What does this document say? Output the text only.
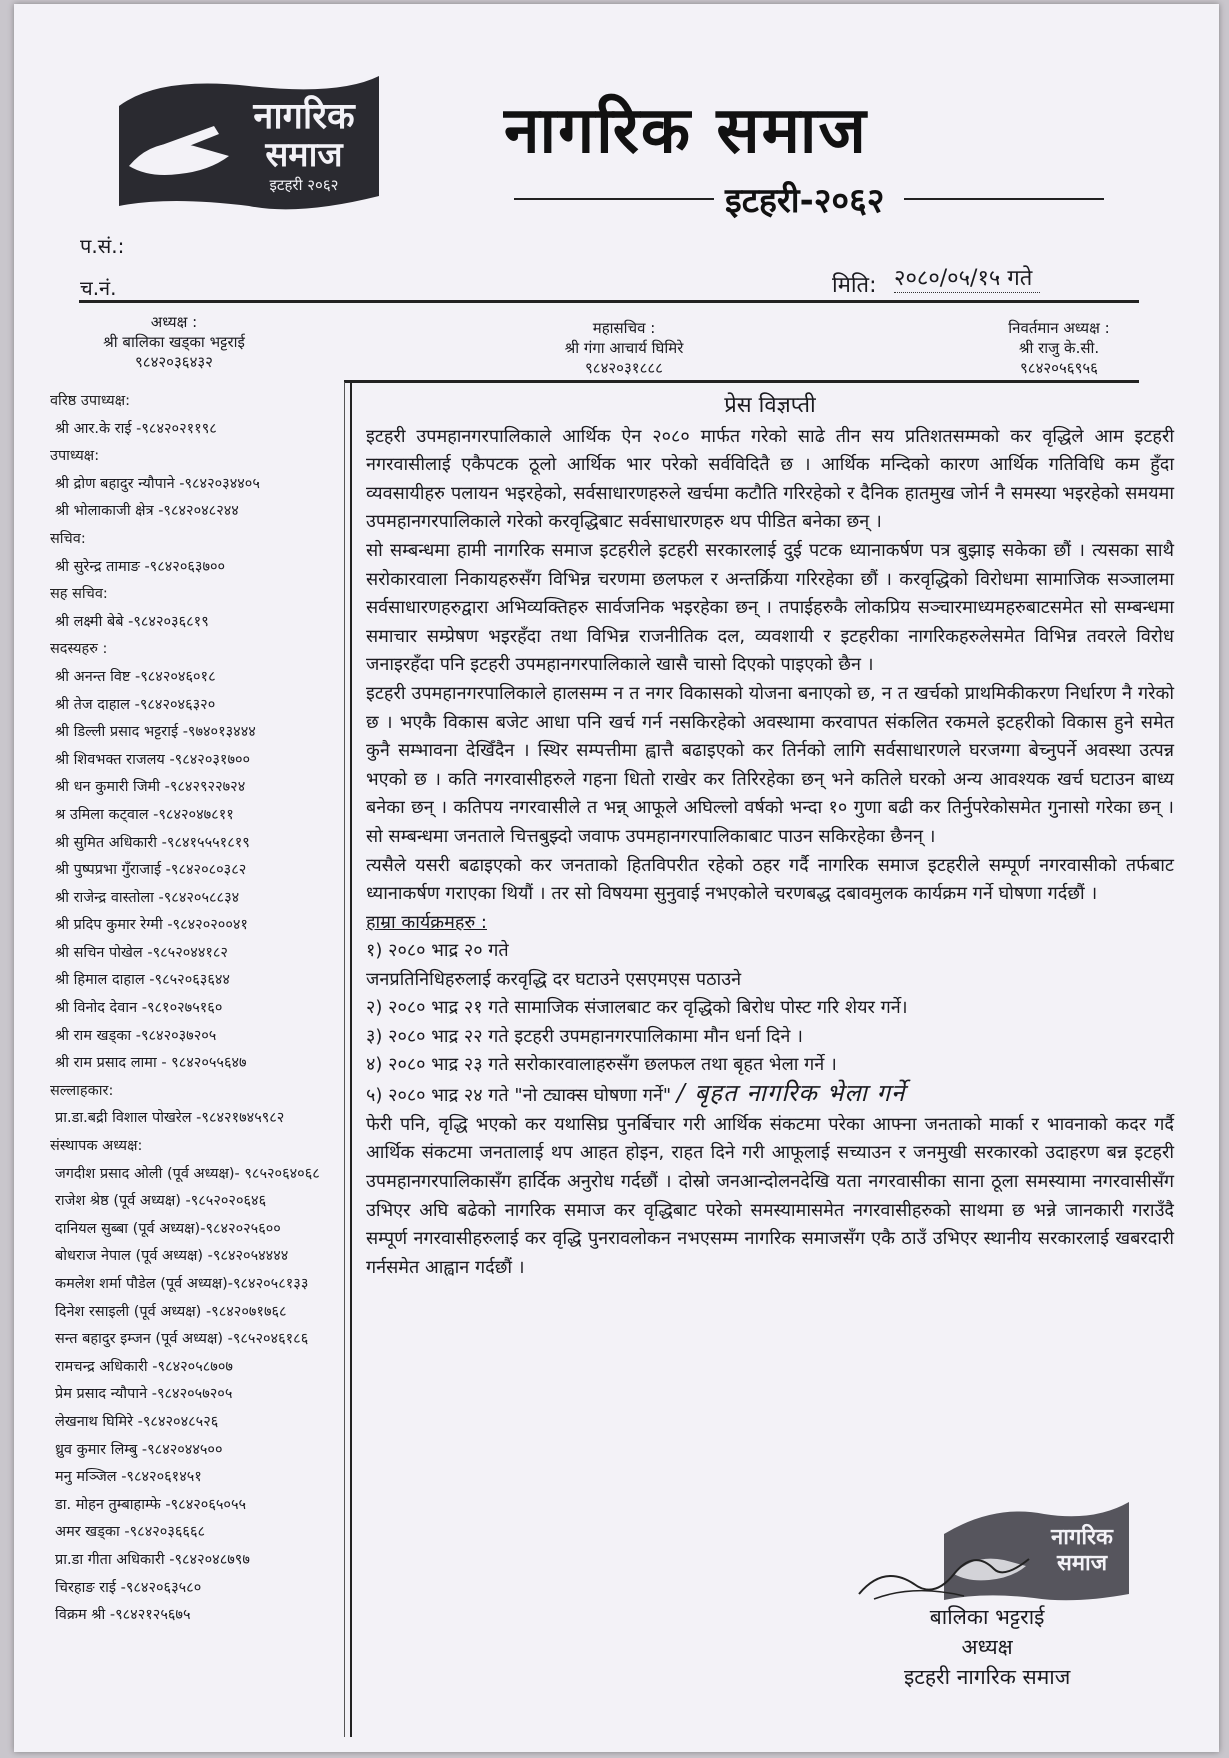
नागरिक
समाज
इटहरी २०६२
नागरिक समाज
इटहरी-२०६२
प.सं.:
च.नं.	मिति: २०८०/०५/१५ गते
अध्यक्ष :
श्री बालिका खड्का भट्टराई
९८४२०३६४३२
महासचिव :
श्री गंगा आचार्य घिमिरे
९८४२०३१८८८
निवर्तमान अध्यक्ष :
श्री राजु के.सी.
९८४२०५६९५६
वरिष्ठ उपाध्यक्ष:
श्री आर.के राई -९८४२०२११९८
उपाध्यक्ष:
श्री द्रोण बहादुर न्यौपाने -९८४२०३४४०५
श्री भोलाकाजी क्षेत्र -९८४२०४८२४४
सचिव:
श्री सुरेन्द्र तामाङ -९८४२०६३७००
सह सचिव:
श्री लक्ष्मी बेबे -९८४२०३६८१९
सदस्यहरु :
श्री अनन्त विष्ट -९८४२०४६०१८
श्री तेज दाहाल -९८४२०४६३२०
श्री डिल्ली प्रसाद भट्टराई -९७४०१३४४४
श्री शिवभक्त राजलय -९८४२०३१७००
श्री धन कुमारी जिमी -९८४२९२२७२४
श्र उमिला कट्वाल -९८४२०४७८११
श्री सुमित अधिकारी -९८४१५५५१८१९
श्री पुष्पप्रभा गुँराजाई -९८४२०८०३८२
श्री राजेन्द्र वास्तोला -९८४२०५८८३४
श्री प्रदिप कुमार रेग्मी -९८४२०२००४१
श्री सचिन पोखेल -९८५२०४४१८२
श्री हिमाल दाहाल -९८५२०६३६४४
श्री विनोद देवान -९८१०२७५१६०
श्री राम खड्का -९८४२०३७२०५
श्री राम प्रसाद लामा - ९८४२०५५६४७
सल्लाहकार:
प्रा.डा.बद्री विशाल पोखरेल -९८४२१७४५९८२
संस्थापक अध्यक्ष:
जगदीश प्रसाद ओली (पूर्व अध्यक्ष)- ९८५२०६४०६८
राजेश श्रेष्ठ (पूर्व अध्यक्ष) -९८५२०२०६४६
दानियल सुब्बा (पूर्व अध्यक्ष)-९८४२०२५६००
बोधराज नेपाल (पूर्व अध्यक्ष) -९८४२०५४४४४
कमलेश शर्मा पौडेल (पूर्व अध्यक्ष)-९८४२०५८१३३
दिनेश रसाइली (पूर्व अध्यक्ष) -९८४२०७१७६८
सन्त बहादुर इम्जन (पूर्व अध्यक्ष) -९८५२०४६१८६
रामचन्द्र अधिकारी -९८४२०५८७०७
प्रेम प्रसाद न्यौपाने -९८४२०५७२०५
लेखनाथ घिमिरे -९८४२०४८५२६
ध्रुव कुमार लिम्बु -९८४२०४४५००
मनु मञ्जिल -९८४२०६१४५१
डा. मोहन तुम्बाहाम्फे -९८४२०६५०५५
अमर खड्का -९८४२०३६६६८
प्रा.डा गीता अधिकारी -९८४२०४८७९७
चिरहाङ राई -९८४२०६३५८०
विक्रम श्री -९८४२१२५६७५
प्रेस विज्ञप्ती

इटहरी उपमहानगरपालिकाले आर्थिक ऐन २०८० मार्फत गरेको साढे तीन सय प्रतिशतसम्मको कर वृद्धिले आम इटहरी नगरवासीलाई एकैपटक ठूलो आर्थिक भार परेको सर्वविदितै छ । आर्थिक मन्दिको कारण आर्थिक गतिविधि कम हुँदा व्यवसायीहरु पलायन भइरहेको, सर्वसाधारणहरुले खर्चमा कटौति गरिरहेको र दैनिक हातमुख जोर्न नै समस्या भइरहेको समयमा उपमहानगरपालिकाले गरेको करवृद्धिबाट सर्वसाधारणहरु थप पीडित बनेका छन् ।

सो सम्बन्धमा हामी नागरिक समाज इटहरीले इटहरी सरकारलाई दुई पटक ध्यानाकर्षण पत्र बुझाइ सकेका छौं । त्यसका साथै सरोकारवाला निकायहरुसँग विभिन्न चरणमा छलफल र अन्तर्क्रिया गरिरहेका छौं । करवृद्धिको विरोधमा सामाजिक सञ्जालमा सर्वसाधारणहरुद्वारा अभिव्यक्तिहरु सार्वजनिक भइरहेका छन् । तपाईहरुकै लोकप्रिय सञ्चारमाध्यमहरुबाटसमेत सो सम्बन्धमा समाचार सम्प्रेषण भइरहँदा तथा विभिन्न राजनीतिक दल, व्यवशायी र इटहरीका नागरिकहरुलेसमेत विभिन्न तवरले विरोध जनाइरहँदा पनि इटहरी उपमहानगरपालिकाले खासै चासो दिएको पाइएको छैन ।

इटहरी उपमहानगरपालिकाले हालसम्म न त नगर विकासको योजना बनाएको छ, न त खर्चको प्राथमिकीकरण निर्धारण नै गरेको छ । भएकै विकास बजेट आधा पनि खर्च गर्न नसकिरहेको अवस्थामा करवापत संकलित रकमले इटहरीको विकास हुने समेत कुनै सम्भावना देखिँदैन । स्थिर सम्पत्तीमा ह्वात्तै बढाइएको कर तिर्नको लागि सर्वसाधारणले घरजग्गा बेच्नुपर्ने अवस्था उत्पन्न भएको छ । कति नगरवासीहरुले गहना धितो राखेर कर तिरिरहेका छन् भने कतिले घरको अन्य आवश्यक खर्च घटाउन बाध्य बनेका छन् । कतिपय नगरवासीले त भन्न् आफूले अघिल्लो वर्षको भन्दा १० गुणा बढी कर तिर्नुपरेकोसमेत गुनासो गरेका छन् । सो सम्बन्धमा जनताले चित्तबुझ्दो जवाफ उपमहानगरपालिकाबाट पाउन सकिरहेका छैनन् ।

त्यसैले यसरी बढाइएको कर जनताको हितविपरीत रहेको ठहर गर्दै नागरिक समाज इटहरीले सम्पूर्ण नगरवासीको तर्फबाट ध्यानाकर्षण गराएका थियौं । तर सो विषयमा सुनुवाई नभएकोले चरणबद्ध दबावमुलक कार्यक्रम गर्ने घोषणा गर्दछौं ।

हाम्रा कार्यक्रमहरु :

१) २०८० भाद्र २० गते

जनप्रतिनिधिहरुलाई करवृद्धि दर घटाउने एसएमएस पठाउने

२) २०८० भाद्र २१ गते सामाजिक संजालबाट कर वृद्धिको बिरोध पोस्ट गरि शेयर गर्ने।

३) २०८० भाद्र २२ गते इटहरी उपमहानगरपालिकामा मौन धर्ना दिने ।

४) २०८० भाद्र २३ गते सरोकारवालाहरुसँग छलफल तथा बृहत भेला गर्ने ।

५) २०८० भाद्र २४ गते "नो ट्याक्स घोषणा गर्ने" / बृहत नागरिक भेला गर्ने

फेरी पनि, वृद्धि भएको कर यथासिघ्र पुनर्बिचार गरी आर्थिक संकटमा परेका आफ्ना जनताको मार्का र भावनाको कदर गर्दै आर्थिक संकटमा जनतालाई थप आहत होइन, राहत दिने गरी आफूलाई सच्याउन र जनमुखी सरकारको उदाहरण बन्न इटहरी उपमहानगरपालिकासँग हार्दिक अनुरोध गर्दछौं । दोस्रो जनआन्दोलनदेखि यता नगरवासीका साना ठूला समस्यामा नगरवासीसँग उभिएर अघि बढेको नागरिक समाज कर वृद्धिबाट परेको समस्यामासमेत नगरवासीहरुको साथमा छ भन्ने जानकारी गराउँदै सम्पूर्ण नगरवासीहरुलाई कर वृद्धि पुनरावलोकन नभएसम्म नागरिक समाजसँग एकै ठाउँ उभिएर स्थानीय सरकारलाई खबरदारी गर्नसमेत आह्वान गर्दछौं ।

नागरिक
समाज
बालिका भट्टराई
अध्यक्ष
इटहरी नागरिक समाज
